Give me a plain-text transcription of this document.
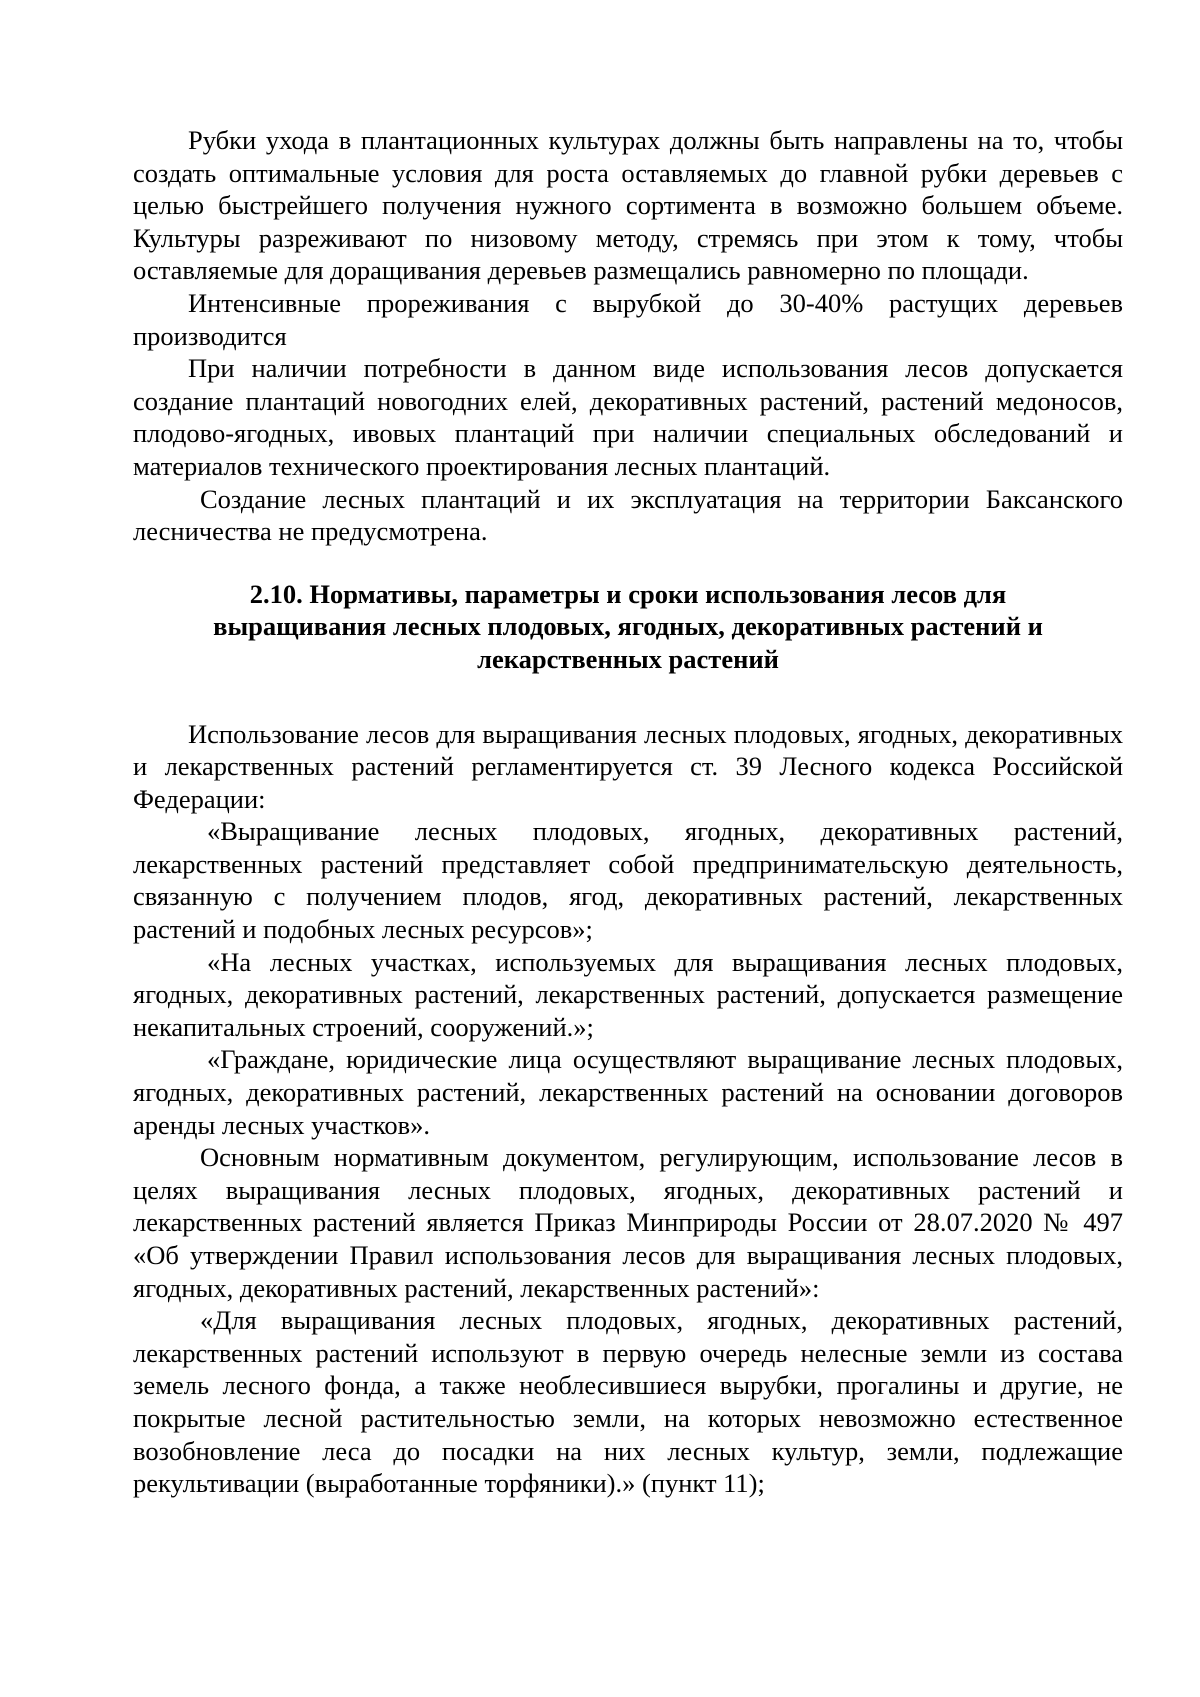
Рубки ухода в плантационных культурах должны быть направлены на то, чтобы создать оптимальные условия для роста оставляемых до главной рубки деревьев с целью быстрейшего получения нужного сортимента в возможно большем объеме. Культуры разреживают по низовому методу, стремясь при этом к тому, чтобы оставляемые для доращивания деревьев размещались равномерно по площади.

Интенсивные прореживания с вырубкой до 30-40% растущих деревьев производится

При наличии потребности в данном виде использования лесов допускается создание плантаций новогодних елей, декоративных растений, растений медоносов, плодово-ягодных, ивовых плантаций при наличии специальных обследований и материалов технического проектирования лесных плантаций.

Создание лесных плантаций и их эксплуатация на территории Баксанского лесничества не предусмотрена.

2.10. Нормативы, параметры и сроки использования лесов для

выращивания лесных плодовых, ягодных, декоративных растений и

лекарственных растений

Использование лесов для выращивания лесных плодовых, ягодных, декоративных и лекарственных растений регламентируется ст. 39 Лесного кодекса Российской Федерации:

«Выращивание лесных плодовых, ягодных, декоративных растений, лекарственных растений представляет собой предпринимательскую деятельность, связанную с получением плодов, ягод, декоративных растений, лекарственных растений и подобных лесных ресурсов»;

«На лесных участках, используемых для выращивания лесных плодовых, ягодных, декоративных растений, лекарственных растений, допускается размещение некапитальных строений, сооружений.»;

«Граждане, юридические лица осуществляют выращивание лесных плодовых, ягодных, декоративных растений, лекарственных растений на основании договоров аренды лесных участков».

Основным нормативным документом, регулирующим, использование лесов в целях выращивания лесных плодовых, ягодных, декоративных растений и лекарственных растений является Приказ Минприроды России от 28.07.2020 № 497 «Об утверждении Правил использования лесов для выращивания лесных плодовых, ягодных, декоративных растений, лекарственных растений»:

«Для выращивания лесных плодовых, ягодных, декоративных растений, лекарственных растений используют в первую очередь нелесные земли из состава земель лесного фонда, а также необлесившиеся вырубки, прогалины и другие, не покрытые лесной растительностью земли, на которых невозможно естественное возобновление леса до посадки на них лесных культур, земли, подлежащие рекультивации (выработанные торфяники).» (пункт 11);
